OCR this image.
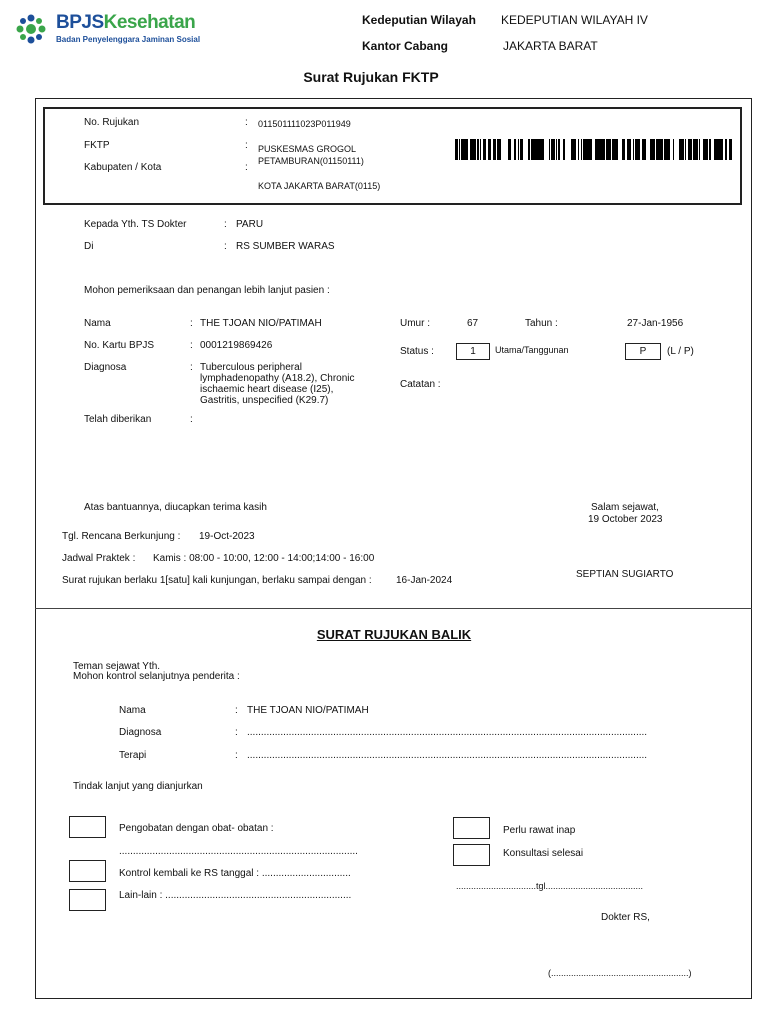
BPJSKesehatan
Badan Penyelenggara Jaminan Sosial
Kedeputian Wilayah KEDEPUTIAN WILAYAH IV
Kantor Cabang	JAKARTA BARAT
Surat Rujukan FKTP
No. Rujukan	: 011501111023P011949
FKTP	: PUSKESMAS GROGOL
PETAMBURAN(01150111)
Kabupaten / Kota	:
KOTA JAKARTA BARAT(0115)
Kepada Yth. TS Dokter	: PARU
Di	: RS SUMBER WARAS
Mohon pemeriksaan dan penangan lebih lanjut pasien :
Nama	: THE TJOAN NIO/PATIMAH	Umur :	67	Tahun :	27-Jan-1956
No. Kartu BPJS	: 0001219869426
Status :	1	Utama/Tanggunan	P	(L / P)
Diagnosa	: Tuberculous peripheral lymphadenopathy (A18.2), Chronic ischaemic heart disease (I25), Gastritis, unspecified (K29.7)
Catatan :
Telah diberikan	:
Atas bantuannya, diucapkan terima kasih	Salam sejawat,
19 October 2023
Tgl. Rencana Berkunjung : 19-Oct-2023
Jadwal Praktek : Kamis : 08:00 - 10:00, 12:00 - 14:00;14:00 - 16:00
Surat rujukan berlaku 1[satu] kali kunjungan, berlaku sampai dengan : 16-Jan-2024
SEPTIAN SUGIARTO
SURAT RUJUKAN BALIK
Teman sejawat Yth.
Mohon kontrol selanjutnya penderita :
Nama	: THE TJOAN NIO/PATIMAH
Diagnosa	: ................................................................................................................................................
Terapi	: ................................................................................................................................................
Tindak lanjut yang dianjurkan
Pengobatan dengan obat- obatan :
......................................................................................
Kontrol kembali ke RS tanggal : ................................
Lain-lain : ...................................................................
Perlu rawat inap
Konsultasi selesai
................................tgl.......................................
Dokter RS,
(.......................................................)
